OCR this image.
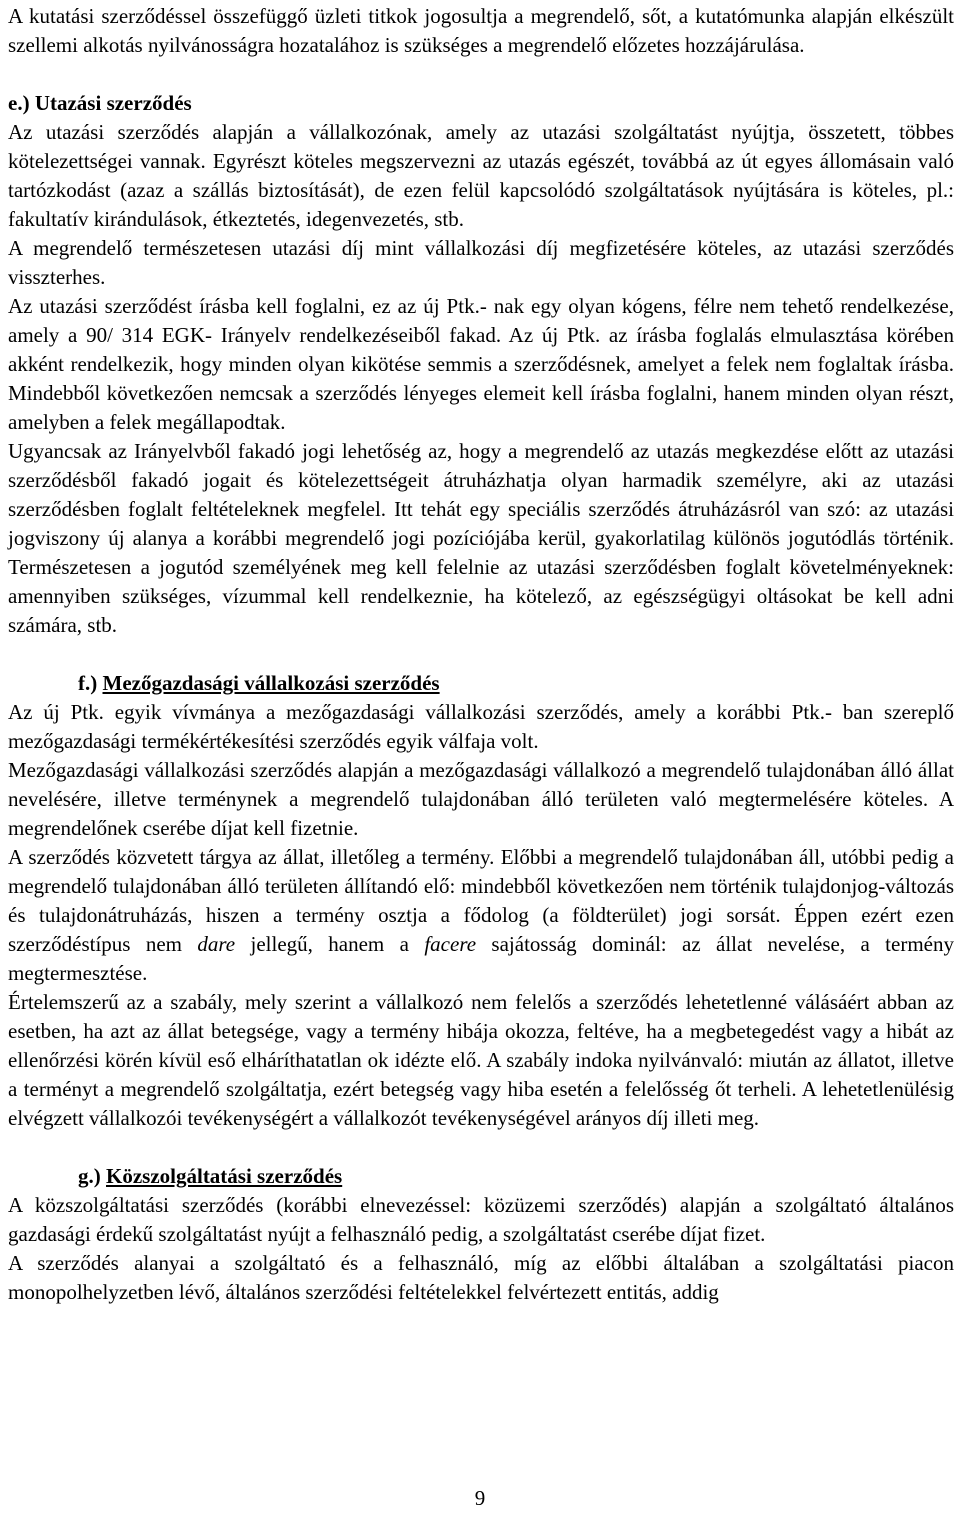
A kutatási szerződéssel összefüggő üzleti titkok jogosultja a megrendelő, sőt, a kutatómunka alapján elkészült szellemi alkotás nyilvánosságra hozatalához is szükséges a megrendelő előzetes hozzájárulása.

e.) Utazási szerződés

Az utazási szerződés alapján a vállalkozónak, amely az utazási szolgáltatást nyújtja, összetett, többes kötelezettségei vannak. Egyrészt köteles megszervezni az utazás egészét, továbbá az út egyes állomásain való tartózkodást (azaz a szállás biztosítását), de ezen felül kapcsolódó szolgáltatások nyújtására is köteles, pl.: fakultatív kirándulások, étkeztetés, idegenvezetés, stb.

A megrendelő természetesen utazási díj mint vállalkozási díj megfizetésére köteles, az utazási szerződés visszterhes.

Az utazási szerződést írásba kell foglalni, ez az új Ptk.- nak egy olyan kógens, félre nem tehető rendelkezése, amely a 90/ 314 EGK- Irányelv rendelkezéseiből fakad. Az új Ptk. az írásba foglalás elmulasztása körében akként rendelkezik, hogy minden olyan kikötése semmis a szerződésnek, amelyet a felek nem foglaltak írásba. Mindebből következően nemcsak a szerződés lényeges elemeit kell írásba foglalni, hanem minden olyan részt, amelyben a felek megállapodtak.

Ugyancsak az Irányelvből fakadó jogi lehetőség az, hogy a megrendelő az utazás megkezdése előtt az utazási szerződésből fakadó jogait és kötelezettségeit átruházhatja olyan harmadik személyre, aki az utazási szerződésben foglalt feltételeknek megfelel. Itt tehát egy speciális szerződés átruházásról van szó: az utazási jogviszony új alanya a korábbi megrendelő jogi pozíciójába kerül, gyakorlatilag különös jogutódlás történik. Természetesen a jogutód személyének meg kell felelnie az utazási szerződésben foglalt követelményeknek: amennyiben szükséges, vízummal kell rendelkeznie, ha kötelező, az egészségügyi oltásokat be kell adni számára, stb.

f.) Mezőgazdasági vállalkozási szerződés

Az új Ptk. egyik vívmánya a mezőgazdasági vállalkozási szerződés, amely a korábbi Ptk.- ban szereplő mezőgazdasági termékértékesítési szerződés egyik válfaja volt.

Mezőgazdasági vállalkozási szerződés alapján a mezőgazdasági vállalkozó a megrendelő tulajdonában álló állat nevelésére, illetve terménynek a megrendelő tulajdonában álló területen való megtermelésére köteles. A megrendelőnek cserébe díjat kell fizetnie.

A szerződés közvetett tárgya az állat, illetőleg a termény. Előbbi a megrendelő tulajdonában áll, utóbbi pedig a megrendelő tulajdonában álló területen állítandó elő: mindebből következően nem történik tulajdonjog-változás és tulajdonátruházás, hiszen a termény osztja a fődolog (a földterület) jogi sorsát. Éppen ezért ezen szerződéstípus nem dare jellegű, hanem a facere sajátosság dominál: az állat nevelése, a termény megtermesztése.

Értelemszerű az a szabály, mely szerint a vállalkozó nem felelős a szerződés lehetetlenné válásáért abban az esetben, ha azt az állat betegsége, vagy a termény hibája okozza, feltéve, ha a megbetegedést vagy a hibát az ellenőrzési körén kívül eső elháríthatatlan ok idézte elő. A szabály indoka nyilvánvaló: miután az állatot, illetve a terményt a megrendelő szolgáltatja, ezért betegség vagy hiba esetén a felelősség őt terheli. A lehetetlenülésig elvégzett vállalkozói tevékenységért a vállalkozót tevékenységével arányos díj illeti meg.

g.) Közszolgáltatási szerződés

A közszolgáltatási szerződés (korábbi elnevezéssel: közüzemi szerződés) alapján a szolgáltató általános gazdasági érdekű szolgáltatást nyújt a felhasználó pedig, a szolgáltatást cserébe díjat fizet.

A szerződés alanyai a szolgáltató és a felhasználó, míg az előbbi általában a szolgáltatási piacon monopolhelyzetben lévő, általános szerződési feltételekkel felvértezett entitás, addig

9
